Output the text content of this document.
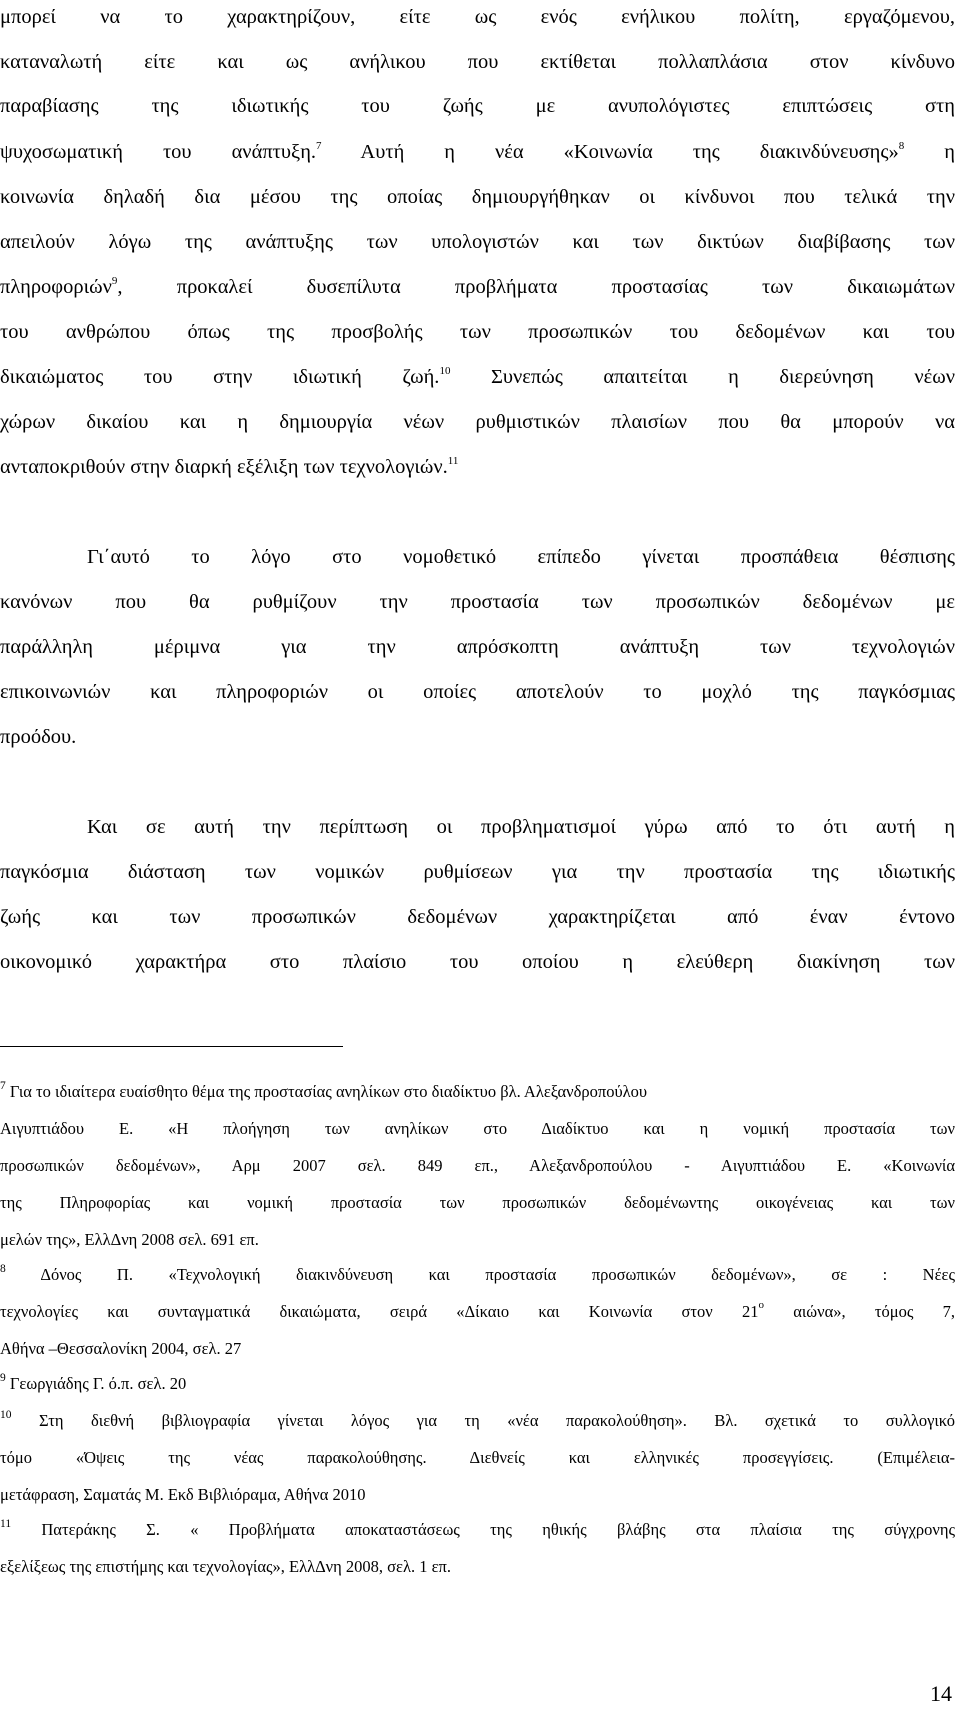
μπορεί να το χαρακτηρίζουν, είτε ως ενός ενήλικου πολίτη, εργαζόμενου,
καταναλωτή είτε και ως ανήλικου που εκτίθεται πολλαπλάσια στον κίνδυνο
παραβίασης της ιδιωτικής του ζωής με ανυπολόγιστες επιπτώσεις στη
ψυχοσωματική του ανάπτυξη.$^7$ Αυτή η νέα «Κοινωνία της διακινδύνευσης»$^8$ η
κοινωνία δηλαδή δια μέσου της οποίας δημιουργήθηκαν οι κίνδυνοι που τελικά την
απειλούν λόγω της ανάπτυξης των υπολογιστών και των δικτύων διαβίβασης των
πληροφοριών$^9$, προκαλεί δυσεπίλυτα προβλήματα προστασίας των δικαιωμάτων
του ανθρώπου όπως της προσβολής των προσωπικών του δεδομένων και του
δικαιώματος του στην ιδιωτική ζωή.$^{10}$ Συνεπώς απαιτείται η διερεύνηση νέων
χώρων δικαίου και η δημιουργία νέων ρυθμιστικών πλαισίων που θα μπορούν να
ανταποκριθούν στην διαρκή εξέλιξη των τεχνολογιών.$^{11}$
Γι΄αυτό το λόγο στο νομοθετικό επίπεδο γίνεται προσπάθεια θέσπισης
κανόνων που θα ρυθμίζουν την προστασία των προσωπικών δεδομένων με
παράλληλη μέριμνα για την απρόσκοπτη ανάπτυξη των τεχνολογιών
επικοινωνιών και πληροφοριών οι οποίες αποτελούν το μοχλό της παγκόσμιας
προόδου.
Και σε αυτή την περίπτωση οι προβληματισμοί γύρω από το ότι αυτή η
παγκόσμια διάσταση των νομικών ρυθμίσεων για την προστασία της ιδιωτικής
ζωής και των προσωπικών δεδομένων χαρακτηρίζεται από έναν έντονο
οικονομικό χαρακτήρα στο πλαίσιο του οποίου η ελεύθερη διακίνηση των
$^7$ Για το ιδιαίτερα ευαίσθητο θέμα της προστασίας ανηλίκων στο διαδίκτυο βλ. Αλεξανδροπούλου
Αιγυπτιάδου Ε. «Η πλοήγηση των ανηλίκων στο Διαδίκτυο και η νομική προστασία των
προσωπικών δεδομένων», Αρμ 2007 σελ. 849 επ., Αλεξανδροπούλου - Αιγυπτιάδου Ε. «Κοινωνία
της Πληροφορίας και νομική προστασία των προσωπικών δεδομένωντης οικογένειας και των
μελών της», ΕλλΔνη 2008 σελ. 691 επ.
$^8$ Δόνος Π. «Τεχνολογική διακινδύνευση και προστασία προσωπικών δεδομένων», σε : Νέες
τεχνολογίες και συνταγματικά δικαιώματα, σειρά «Δίκαιο και Κοινωνία στον $21^o$ αιώνα», τόμος 7,
Αθήνα –Θεσσαλονίκη 2004, σελ. 27
$^9$ Γεωργιάδης Γ. ό.π. σελ. 20
$^{10}$ Στη διεθνή βιβλιογραφία γίνεται λόγος για τη «νέα παρακολούθηση». Βλ. σχετικά το συλλογικό
τόμο «Όψεις της νέας παρακολούθησης. Διεθνείς και ελληνικές προσεγγίσεις. (Επιμέλεια-
μετάφραση, Σαματάς Μ. Εκδ Βιβλιόραμα, Αθήνα 2010
$^{11}$ Πατεράκης Σ. « Προβλήματα αποκαταστάσεως της ηθικής βλάβης στα πλαίσια της σύγχρονης
εξελίξεως της επιστήμης και τεχνολογίας», ΕλλΔνη 2008, σελ. 1 επ.
14
